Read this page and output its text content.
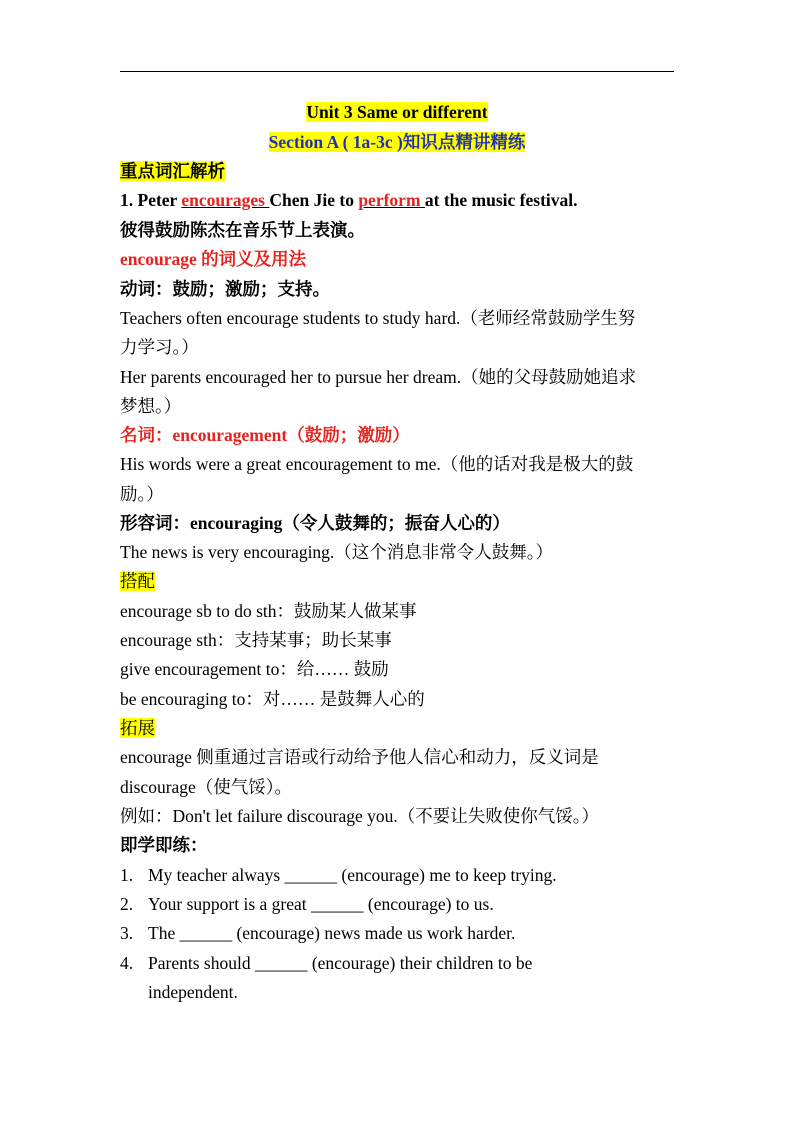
Unit 3 Same or different
Section A ( 1a-3c )知识点精讲精练
重点词汇解析
1. Peter encourages Chen Jie to perform at the music festival.
彼得鼓励陈杰在音乐节上表演。
encourage 的词义及用法
动词：鼓励；激励；支持。
Teachers often encourage students to study hard.（老师经常鼓励学生努
力学习。）
Her parents encouraged her to pursue her dream.（她的父母鼓励她追求
梦想。）
名词：encouragement（鼓励；激励）
His words were a great encouragement to me.（他的话对我是极大的鼓
励。）
形容词：encouraging（令人鼓舞的；振奋人心的）
The news is very encouraging.（这个消息非常令人鼓舞。）
搭配
encourage sb to do sth：鼓励某人做某事
encourage sth：支持某事；助长某事
give encouragement to：给…… 鼓励
be encouraging to：对…… 是鼓舞人心的
拓展
encourage 侧重通过言语或行动给予他人信心和动力，反义词是
discourage（使气馁）。
例如：Don't let failure discourage you.（不要让失败使你气馁。）
即学即练：
1. My teacher always ______ (encourage) me to keep trying.
2. Your support is a great ______ (encourage) to us.
3. The ______ (encourage) news made us work harder.
4. Parents should ______ (encourage) their children to be
independent.
